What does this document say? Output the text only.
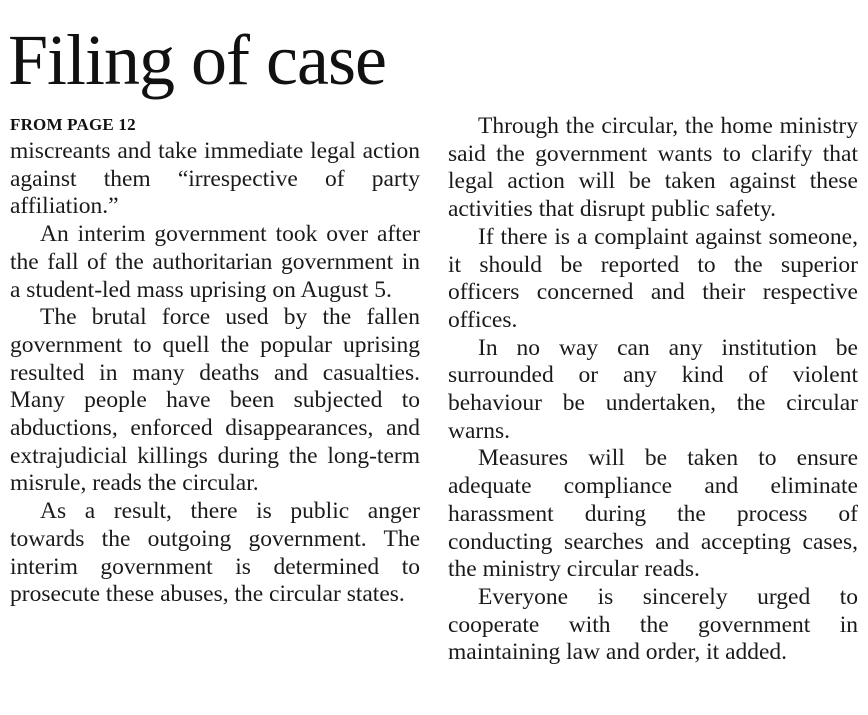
Filing of case
FROM PAGE 12

miscreants and take immediate legal action against them “irrespective of party affiliation.”

An interim government took over after the fall of the authoritarian government in a student-led mass uprising on August 5.

The brutal force used by the fallen government to quell the popular uprising resulted in many deaths and casualties. Many people have been subjected to abductions, enforced disappearances, and extrajudicial killings during the long-term misrule, reads the circular.

As a result, there is public anger towards the outgoing government. The interim government is determined to prosecute these abuses, the circular states.

Through the circular, the home ministry said the government wants to clarify that legal action will be taken against these activities that disrupt public safety.

If there is a complaint against someone, it should be reported to the superior officers concerned and their respective offices.

In no way can any institution be surrounded or any kind of violent behaviour be undertaken, the circular warns.

Measures will be taken to ensure adequate compliance and eliminate harassment during the process of conducting searches and accepting cases, the ministry circular reads.

Everyone is sincerely urged to cooperate with the government in maintaining law and order, it added.
